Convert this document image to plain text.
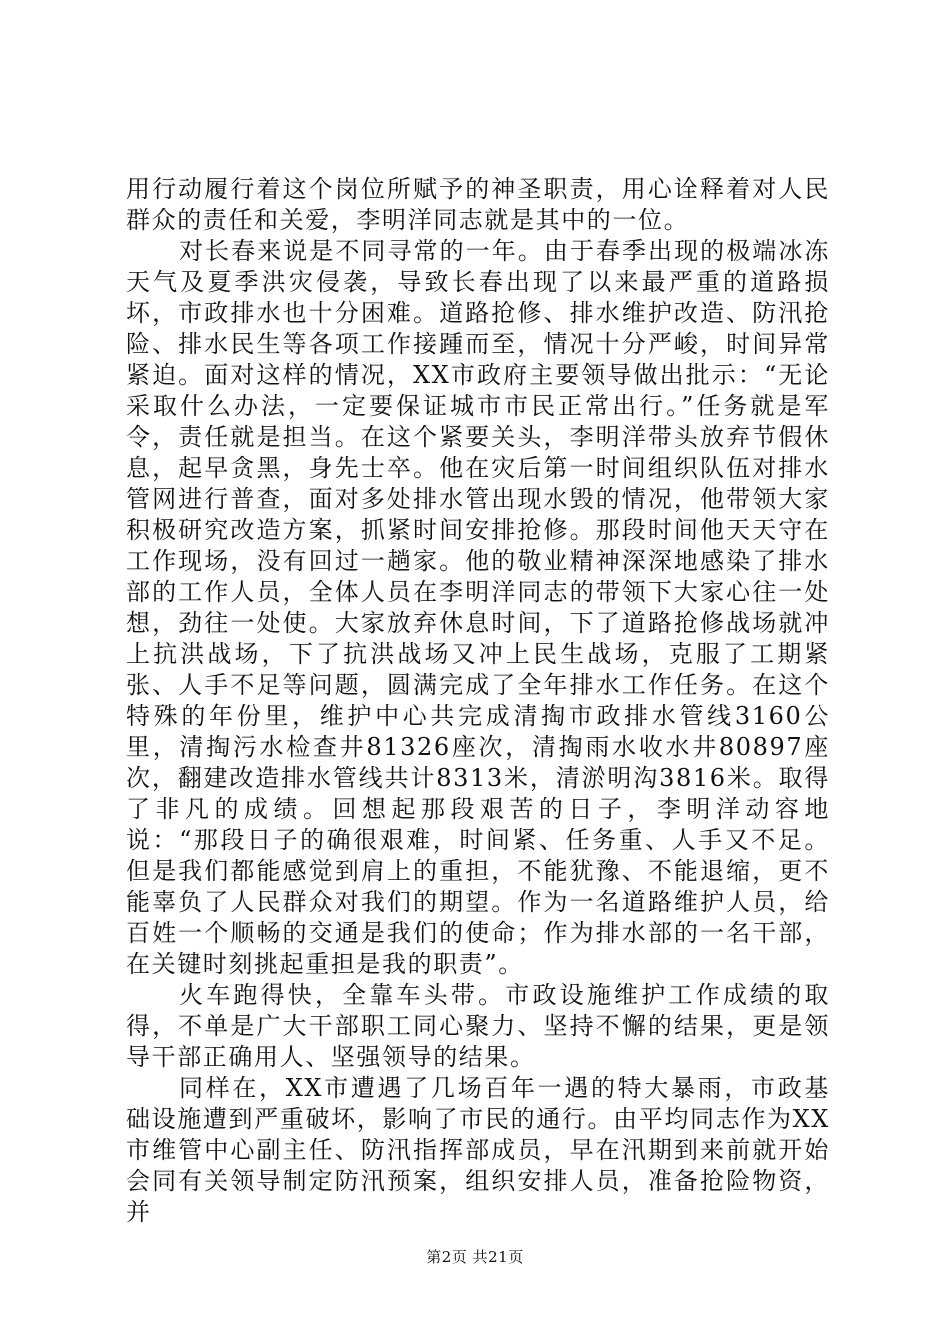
用行动履行着这个岗位所赋予的神圣职责，用心诠释着对人民群众的责任和关爱，李明洋同志就是其中的一位。

对长春来说是不同寻常的一年。由于春季出现的极端冰冻天气及夏季洪灾侵袭，导致长春出现了以来最严重的道路损坏，市政排水也十分困难。道路抢修、排水维护改造、防汛抢险、排水民生等各项工作接踵而至，情况十分严峻，时间异常紧迫。面对这样的情况，XX市政府主要领导做出批示：“无论采取什么办法，一定要保证城市市民正常出行。”任务就是军令，责任就是担当。在这个紧要关头，李明洋带头放弃节假休息，起早贪黑，身先士卒。他在灾后第一时间组织队伍对排水管网进行普查，面对多处排水管出现水毁的情况，他带领大家积极研究改造方案，抓紧时间安排抢修。那段时间他天天守在工作现场，没有回过一趟家。他的敬业精神深深地感染了排水部的工作人员，全体人员在李明洋同志的带领下大家心往一处想，劲往一处使。大家放弃休息时间，下了道路抢修战场就冲上抗洪战场，下了抗洪战场又冲上民生战场，克服了工期紧张、人手不足等问题，圆满完成了全年排水工作任务。在这个特殊的年份里，维护中心共完成清掏市政排水管线3160公里，清掏污水检查井81326座次，清掏雨水收水井80897座次，翻建改造排水管线共计8313米，清淤明沟3816米。取得了非凡的成绩。回想起那段艰苦的日子，李明洋动容地说：“那段日子的确很艰难，时间紧、任务重、人手又不足。但是我们都能感觉到肩上的重担，不能犹豫、不能退缩，更不能辜负了人民群众对我们的期望。作为一名道路维护人员，给百姓一个顺畅的交通是我们的使命；作为排水部的一名干部，在关键时刻挑起重担是我的职责”。

火车跑得快，全靠车头带。市政设施维护工作成绩的取得，不单是广大干部职工同心聚力、坚持不懈的结果，更是领导干部正确用人、坚强领导的结果。

同样在，XX市遭遇了几场百年一遇的特大暴雨，市政基础设施遭到严重破坏，影响了市民的通行。由平均同志作为XX市维管中心副主任、防汛指挥部成员，早在汛期到来前就开始会同有关领导制定防汛预案，组织安排人员，准备抢险物资，并

第2页 共21页
